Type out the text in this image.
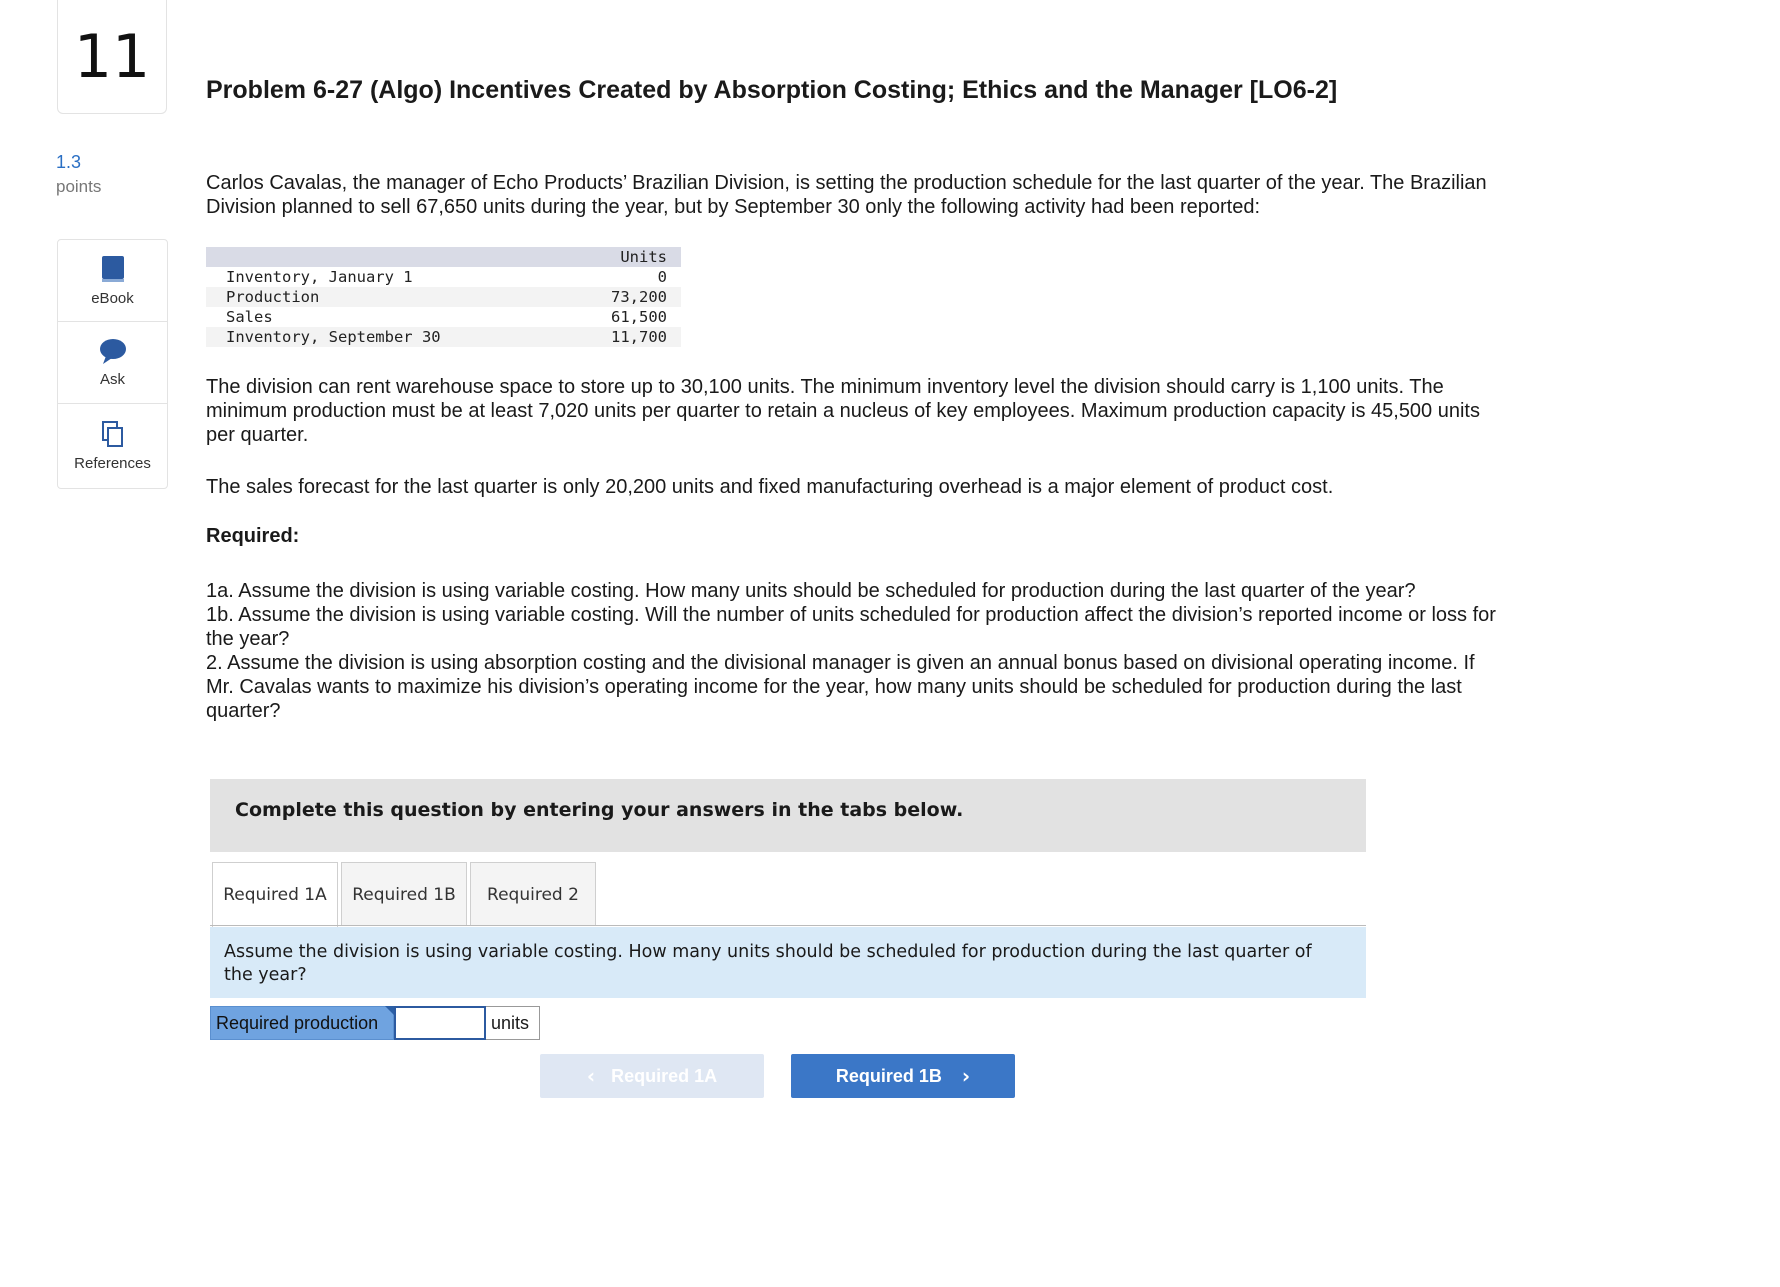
11
1.3
points
eBook
Ask
References
Problem 6-27 (Algo) Incentives Created by Absorption Costing; Ethics and the Manager [LO6-2]
Carlos Cavalas, the manager of Echo Products’ Brazilian Division, is setting the production schedule for the last quarter of the year. The Brazilian Division planned to sell 67,650 units during the year, but by September 30 only the following activity had been reported:
	Units
Inventory, January 1	0
Production	73,200
Sales	61,500
Inventory, September 30	11,700
The division can rent warehouse space to store up to 30,100 units. The minimum inventory level the division should carry is 1,100 units. The minimum production must be at least 7,020 units per quarter to retain a nucleus of key employees. Maximum production capacity is 45,500 units per quarter.
The sales forecast for the last quarter is only 20,200 units and fixed manufacturing overhead is a major element of product cost.
Required:
1a. Assume the division is using variable costing. How many units should be scheduled for production during the last quarter of the year?
1b. Assume the division is using variable costing. Will the number of units scheduled for production affect the division’s reported income or loss for the year?
2. Assume the division is using absorption costing and the divisional manager is given an annual bonus based on divisional operating income. If Mr. Cavalas wants to maximize his division’s operating income for the year, how many units should be scheduled for production during the last quarter?
Complete this question by entering your answers in the tabs below.
Required 1A	Required 1B	Required 2
Assume the division is using variable costing. How many units should be scheduled for production during the last quarter of the year?
Required production	units
‹ Required 1A	Required 1B ›
